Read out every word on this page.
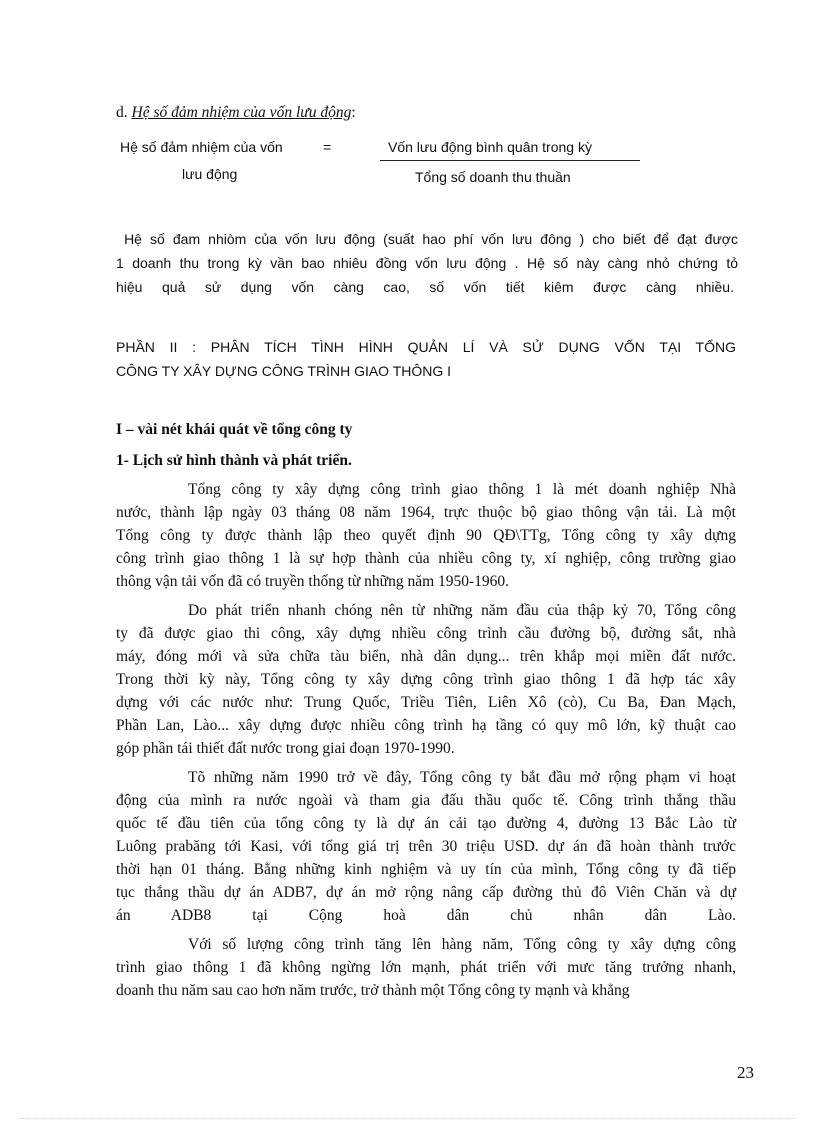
d. Hệ số đảm nhiệm của vốn lưu động:
Hệ số đảm nhiệm của vốn
lưu động
=	Vốn lưu động bình quân trong kỳ
Tổng số doanh thu thuần
Hệ số đam nhiòm của vốn lưu động (suất hao phí vốn lưu đông ) cho biết để đạt được
1 doanh thu trong kỳ vần bao nhiêu đồng vốn lưu động . Hệ số này càng nhỏ chứng tỏ
hiệu quả sử dụng vốn càng cao, số vốn tiết kiêm được càng nhiều.
PHẦN II : PHÂN TÍCH TÌNH HÌNH QUẢN LÍ VÀ SỬ DỤNG VỐN TẠI TỔNG
CÔNG TY XÂY DỰNG CÔNG TRÌNH GIAO THÔNG I
I – vài nét khái quát về tổng công ty
1- Lịch sử hình thành và phát triển.
Tổng công ty xây dựng công trình giao thông 1 là mét doanh nghiệp Nhà
nước, thành lập ngày 03 tháng 08 năm 1964, trực thuộc bộ giao thông vận tải. Là một
Tổng công ty được thành lập theo quyết định 90 QĐ\TTg, Tổng công ty xây dựng
công trình giao thông 1 là sự hợp thành của nhiều công ty, xí nghiệp, công trường giao
thông vận tải vốn đã có truyền thống từ những năm 1950-1960.
Do phát triển nhanh chóng nên từ những năm đầu của thập kỷ 70, Tổng công
ty đã được giao thi công, xây dựng nhiều công trình cầu đường bộ, đường sắt, nhà
máy, đóng mới và sửa chữa tàu biển, nhà dân dụng... trên khắp mọi miền đất nước.
Trong thời kỳ này, Tổng công ty xây dựng công trình giao thông 1 đã hợp tác xây
dựng với các nước như: Trung Quốc, Triều Tiên, Liên Xô (cò), Cu Ba, Đan Mạch,
Phần Lan, Lào... xây dựng được nhiều công trình hạ tầng có quy mô lớn, kỹ thuật cao
góp phần tái thiết đất nước trong giai đoạn 1970-1990.
Tõ những năm 1990 trở về đây, Tổng công ty bắt đầu mở rộng phạm vi hoạt
động của mình ra nước ngoài và tham gia đấu thầu quốc tế. Công trình thắng thầu
quốc tế đầu tiên của tổng công ty là dự án cải tạo đường 4, đường 13 Bắc Lào từ
Luông prabăng tới Kasi, với tổng giá trị trên 30 triệu USD. dự án đã hoàn thành trước
thời hạn 01 tháng. Bằng những kinh nghiệm và uy tín của mình, Tổng công ty đã tiếp
tục thắng thầu dự án ADB7, dự án mở rộng nâng cấp đường thủ đô Viên Chăn và dự
án ADB8 tại Cộng hoà dân chủ nhân dân Lào.
Với số lượng công trình tăng lên hàng năm, Tổng công ty xây dựng công
trình giao thông 1 đã không ngừng lớn mạnh, phát triển với mưc tăng trưởng nhanh,
doanh thu năm sau cao hơn năm trước, trở thành một Tổng công ty mạnh và khẳng
23
